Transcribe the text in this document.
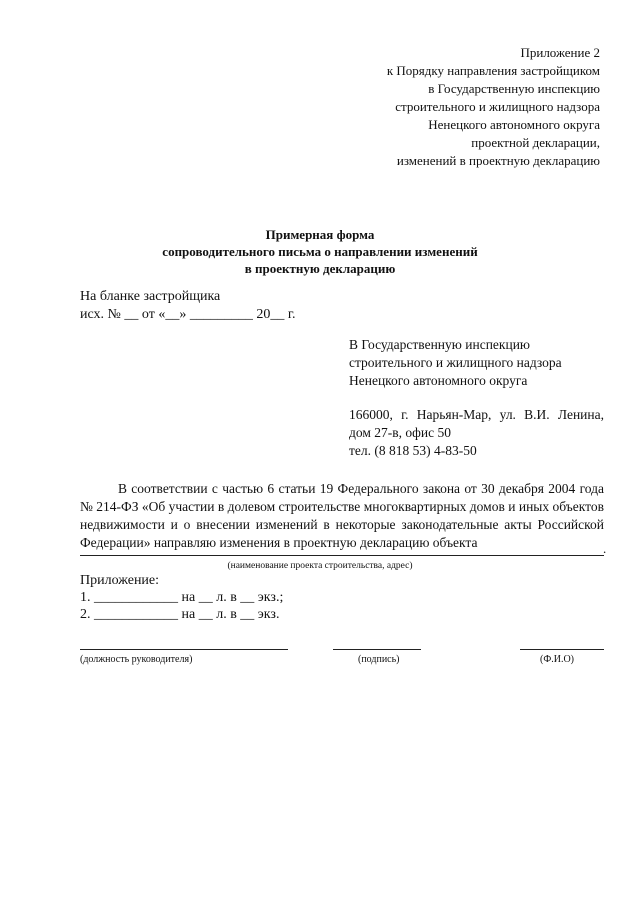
Приложение 2
к Порядку направления застройщиком
в Государственную инспекцию
строительного и жилищного надзора
Ненецкого автономного округа
проектной декларации,
изменений в проектную декларацию
Примерная форма
сопроводительного письма о направлении изменений
в проектную декларацию
На бланке застройщика
исх. № __ от «__» _________ 20__ г.
В Государственную инспекцию
строительного и жилищного надзора
Ненецкого автономного округа
166000, г. Нарьян-Мар, ул. В.И. Ленина, дом 27-в, офис 50
тел. (8 818 53) 4-83-50
В соответствии с частью 6 статьи 19 Федерального закона от 30 декабря 2004 года № 214-ФЗ «Об участии в долевом строительстве многоквартирных домов и иных объектов недвижимости и о внесении изменений в некоторые законодательные акты Российской Федерации» направляю изменения в проектную декларацию объекта	.
(наименование проекта строительства, адрес)
Приложение:
1. ____________ на __ л. в __ экз.;
2. ____________ на __ л. в __ экз.
(должность руководителя)	(подпись)	(Ф.И.О)
